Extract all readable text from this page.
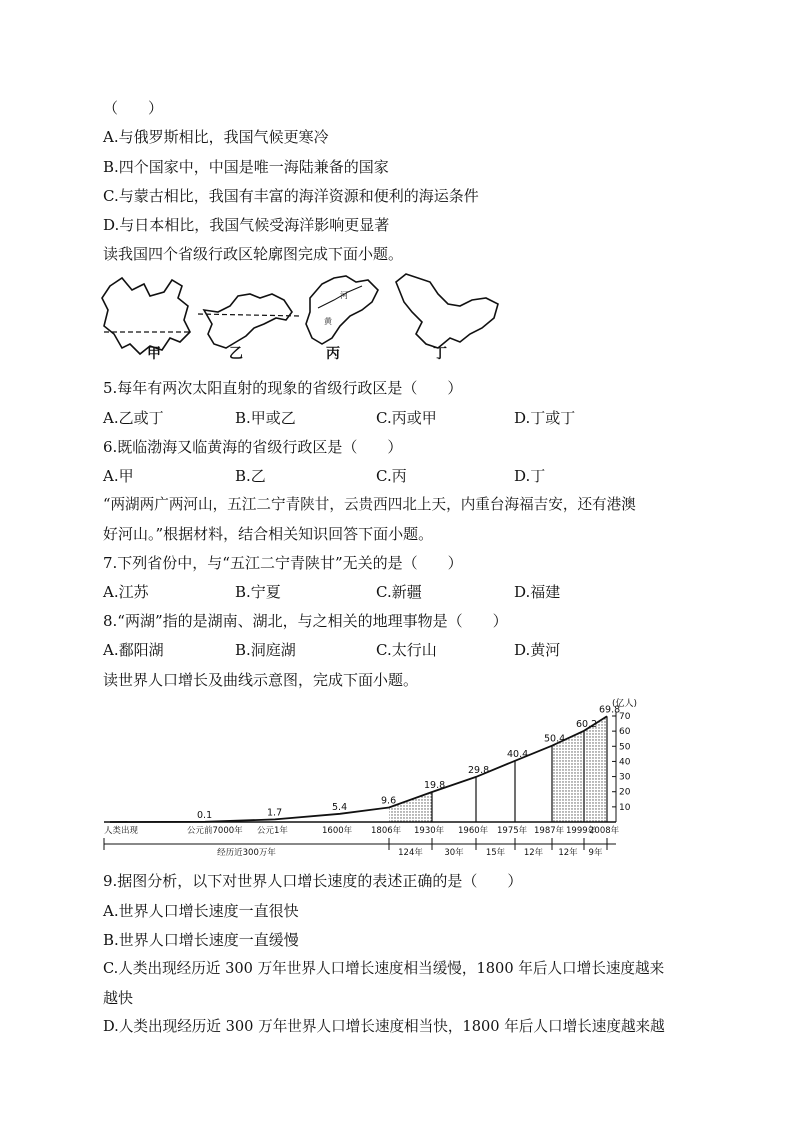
（　　）
A.与俄罗斯相比，我国气候更寒冷
B.四个国家中，中国是唯一海陆兼备的国家
C.与蒙古相比，我国有丰富的海洋资源和便利的海运条件
D.与日本相比，我国气候受海洋影响更显著
读我国四个省级行政区轮廓图完成下面小题。
河
黄
甲	乙	丙	丁
5.每年有两次太阳直射的现象的省级行政区是（　　）
A.乙或丁	B.甲或乙	C.丙或甲	D.丁或丁
6.既临渤海又临黄海的省级行政区是（　　）
A.甲	B.乙	C.丙	D.丁
“两湖两广两河山，五江二宁青陕甘，云贵西四北上天，内重台海福吉安，还有港澳
好河山。”根据材料，结合相关知识回答下面小题。
7.下列省份中，与“五江二宁青陕甘”无关的是（　　）
A.江苏	B.宁夏	C.新疆	D.福建
8.“两湖”指的是湖南、湖北，与之相关的地理事物是（　　）
A.鄱阳湖	B.洞庭湖	C.太行山	D.黄河
读世界人口增长及曲线示意图，完成下面小题。
10
20
30
40
50
60
70
(亿人)
0.1	1.7
5.4
9.6
19.8
29.8
40.4
50.4
60.2
69.8
人类出现	公元前7000年 公元1年	1600年 1806年 1930年 1960年 1975年 1987年 1999年
2008年
经历近300万年	124年	30年	15年 12年 12年 9年
9.据图分析，以下对世界人口增长速度的表述正确的是（　　）
A.世界人口增长速度一直很快
B.世界人口增长速度一直缓慢
C.人类出现经历近 300 万年世界人口增长速度相当缓慢，1800 年后人口增长速度越来
越快
D.人类出现经历近 300 万年世界人口增长速度相当快，1800 年后人口增长速度越来越
